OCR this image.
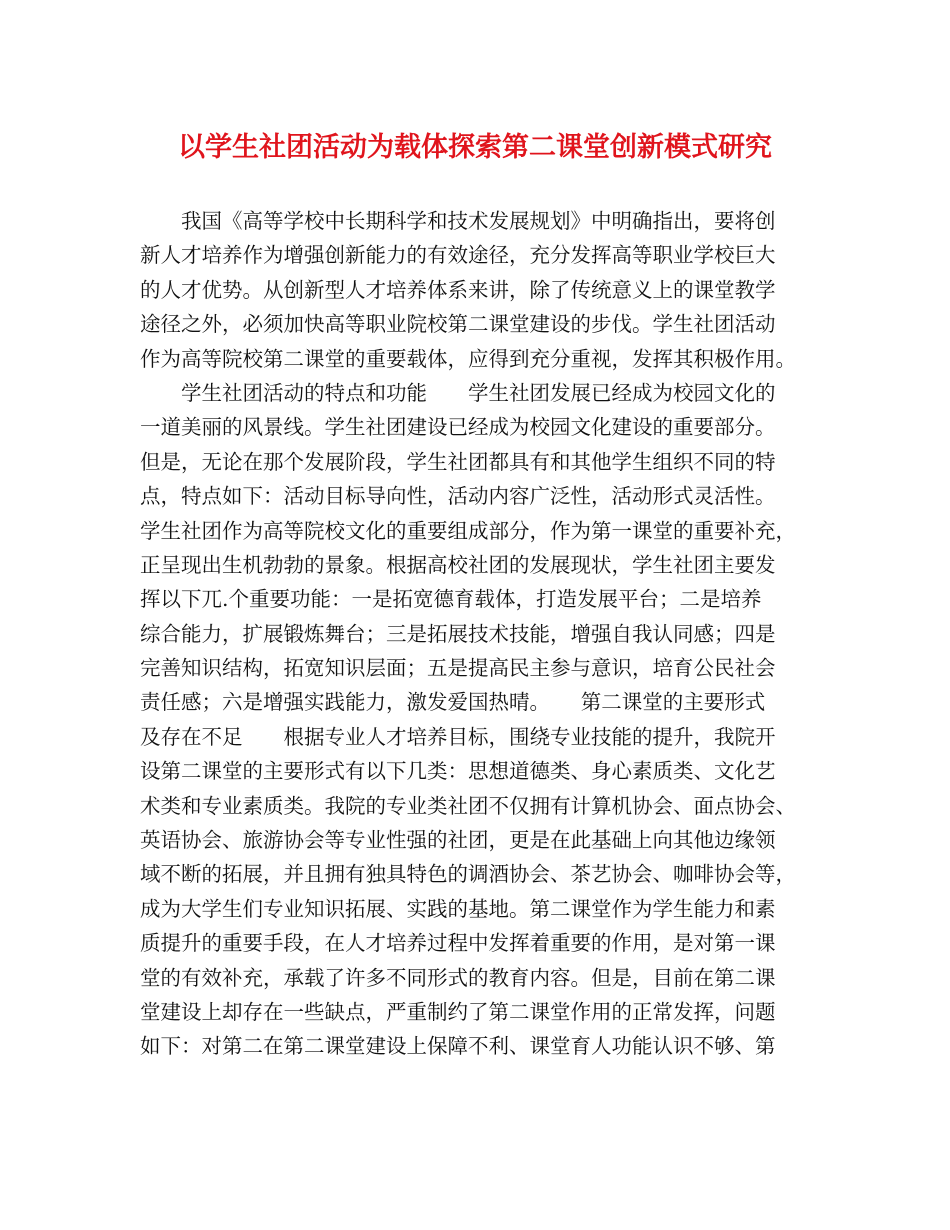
以学生社团活动为载体探索第二课堂创新模式研究
我国《高等学校中长期科学和技术发展规划》中明确指出，要将创
新人才培养作为增强创新能力的有效途径，充分发挥高等职业学校巨大
的人才优势。从创新型人才培养体系来讲，除了传统意义上的课堂教学
途径之外，必须加快高等职业院校第二课堂建设的步伐。学生社团活动
作为高等院校第二课堂的重要载体，应得到充分重视，发挥其积极作用。
学生社团活动的特点和功能　　学生社团发展已经成为校园文化的
一道美丽的风景线。学生社团建设已经成为校园文化建设的重要部分。
但是，无论在那个发展阶段，学生社团都具有和其他学生组织不同的特
点，特点如下：活动目标导向性，活动内容广泛性，活动形式灵活性。
学生社团作为高等院校文化的重要组成部分，作为第一课堂的重要补充，
正呈现出生机勃勃的景象。根据高校社团的发展现状，学生社团主要发
挥以下兀.个重要功能：一是拓宽德育载体，打造发展平台；二是培养
综合能力，扩展锻炼舞台；三是拓展技术技能，增强自我认同感；四是
完善知识结构，拓宽知识层面；五是提高民主参与意识，培育公民社会
责任感；六是增强实践能力，激发爱国热晴。　　第二课堂的主要形式
及存在不足　　根据专业人才培养目标，围绕专业技能的提升，我院开
设第二课堂的主要形式有以下几类：思想道德类、身心素质类、文化艺
术类和专业素质类。我院的专业类社团不仅拥有计算机协会、面点协会、
英语协会、旅游协会等专业性强的社团，更是在此基础上向其他边缘领
域不断的拓展，并且拥有独具特色的调酒协会、茶艺协会、咖啡协会等，
成为大学生们专业知识拓展、实践的基地。第二课堂作为学生能力和素
质提升的重要手段，在人才培养过程中发挥着重要的作用，是对第一课
堂的有效补充，承载了许多不同形式的教育内容。但是，目前在第二课
堂建设上却存在一些缺点，严重制约了第二课堂作用的正常发挥，问题
如下：对第二在第二课堂建设上保障不利、课堂育人功能认识不够、第
